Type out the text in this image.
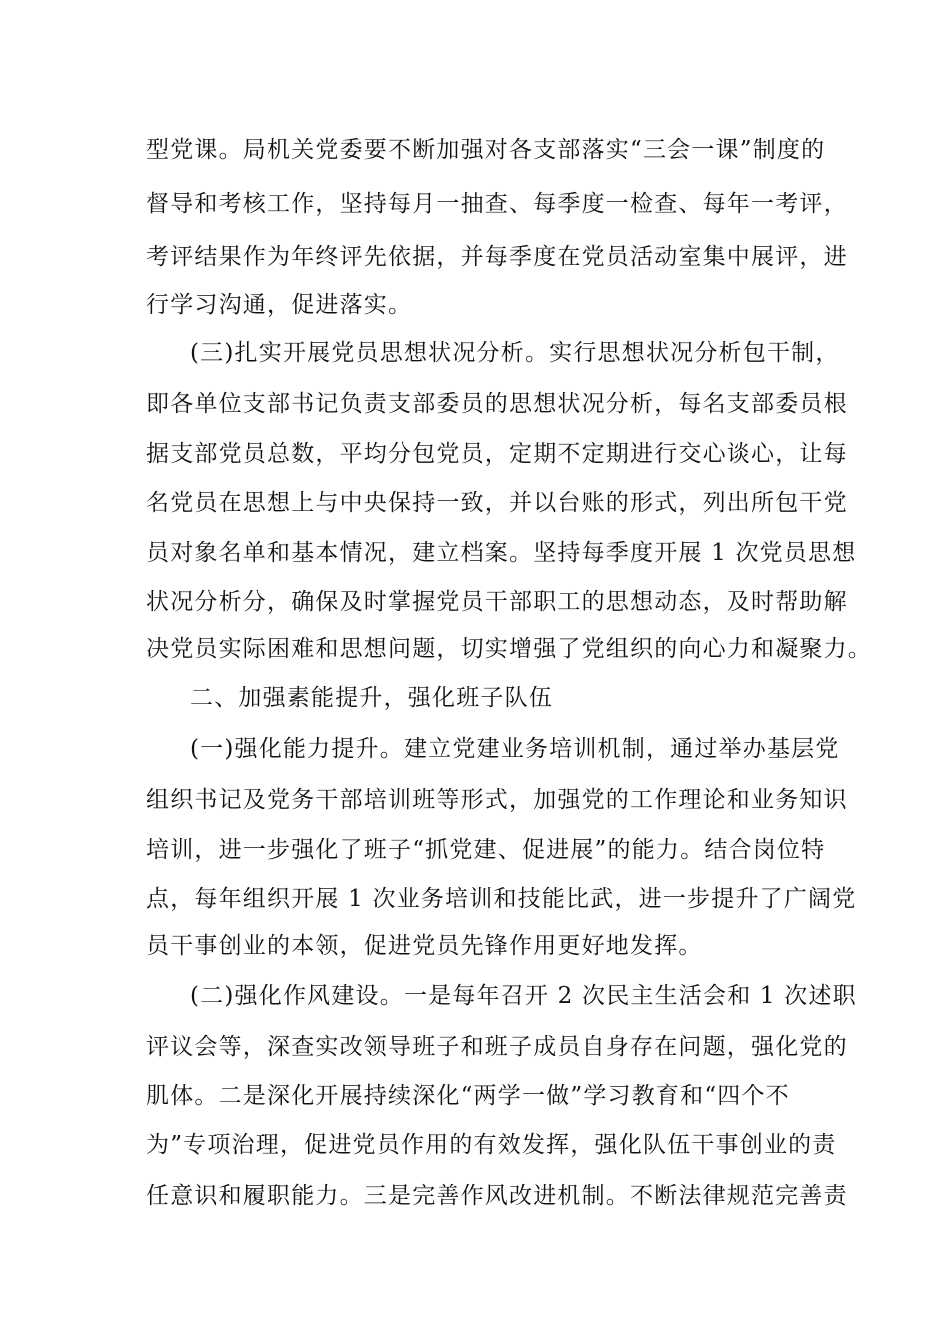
型党课。局机关党委要不断加强对各支部落实“三会一课”制度的
督导和考核工作，坚持每月一抽查、每季度一检查、每年一考评，
考评结果作为年终评先依据，并每季度在党员活动室集中展评，进
行学习沟通，促进落实。
(三)扎实开展党员思想状况分析。实行思想状况分析包干制，
即各单位支部书记负责支部委员的思想状况分析，每名支部委员根
据支部党员总数，平均分包党员，定期不定期进行交心谈心，让每
名党员在思想上与中央保持一致，并以台账的形式，列出所包干党
员对象名单和基本情况，建立档案。坚持每季度开展 1 次党员思想
状况分析分，确保及时掌握党员干部职工的思想动态，及时帮助解
决党员实际困难和思想问题，切实增强了党组织的向心力和凝聚力。
二、加强素能提升，强化班子队伍
(一)强化能力提升。建立党建业务培训机制，通过举办基层党
组织书记及党务干部培训班等形式，加强党的工作理论和业务知识
培训，进一步强化了班子“抓党建、促进展”的能力。结合岗位特
点，每年组织开展 1 次业务培训和技能比武，进一步提升了广阔党
员干事创业的本领，促进党员先锋作用更好地发挥。
(二)强化作风建设。一是每年召开 2 次民主生活会和 1 次述职
评议会等，深查实改领导班子和班子成员自身存在问题，强化党的
肌体。二是深化开展持续深化“两学一做”学习教育和“四个不
为”专项治理，促进党员作用的有效发挥，强化队伍干事创业的责
任意识和履职能力。三是完善作风改进机制。不断法律规范完善责
